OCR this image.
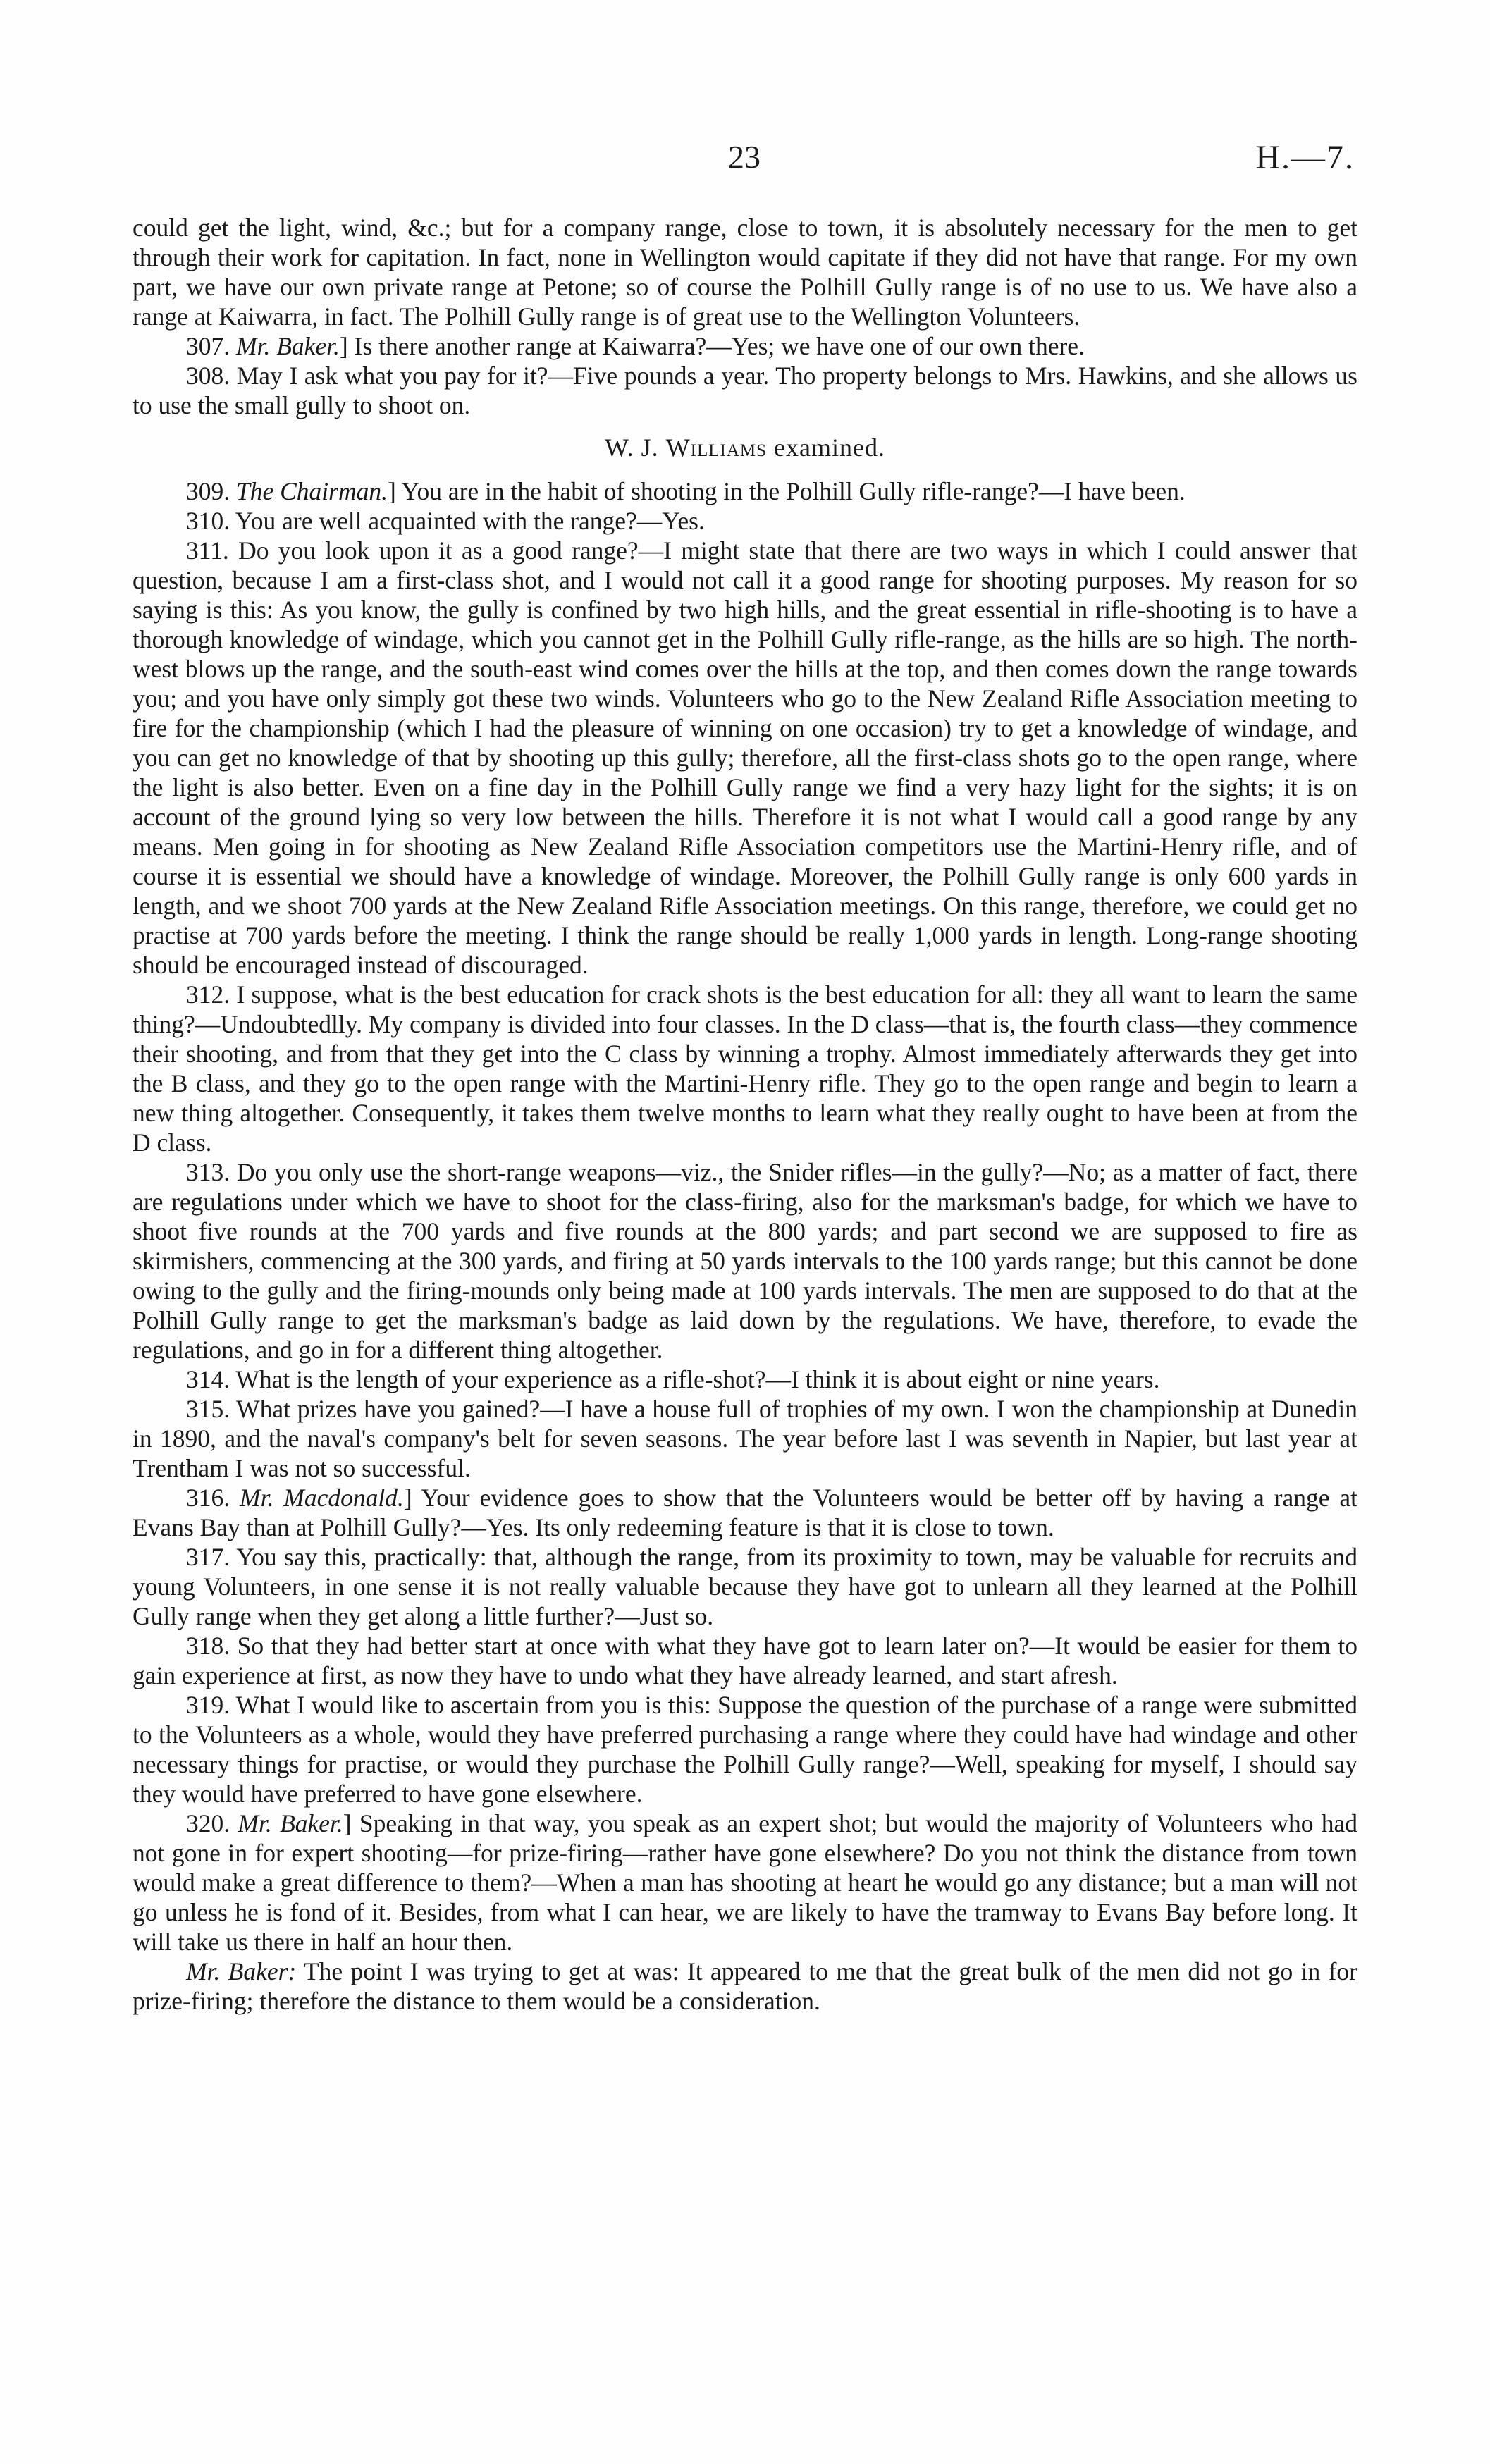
23	H.—7.

could get the light, wind, &c.; but for a company range, close to town, it is absolutely necessary for the men to get through their work for capitation. In fact, none in Wellington would capitate if they did not have that range. For my own part, we have our own private range at Petone; so of course the Polhill Gully range is of no use to us. We have also a range at Kaiwarra, in fact. The Polhill Gully range is of great use to the Wellington Volunteers.

307. Mr. Baker.] Is there another range at Kaiwarra?—Yes; we have one of our own there.

308. May I ask what you pay for it?—Five pounds a year. Tho property belongs to Mrs. Hawkins, and she allows us to use the small gully to shoot on.

W. J. Williams examined.

309. The Chairman.] You are in the habit of shooting in the Polhill Gully rifle-range?—I have been.

310. You are well acquainted with the range?—Yes.

311. Do you look upon it as a good range?—I might state that there are two ways in which I could answer that question, because I am a first-class shot, and I would not call it a good range for shooting purposes. My reason for so saying is this: As you know, the gully is confined by two high hills, and the great essential in rifle-shooting is to have a thorough knowledge of windage, which you cannot get in the Polhill Gully rifle-range, as the hills are so high. The north-west blows up the range, and the south-east wind comes over the hills at the top, and then comes down the range towards you; and you have only simply got these two winds. Volunteers who go to the New Zealand Rifle Association meeting to fire for the championship (which I had the pleasure of winning on one occasion) try to get a knowledge of windage, and you can get no knowledge of that by shooting up this gully; therefore, all the first-class shots go to the open range, where the light is also better. Even on a fine day in the Polhill Gully range we find a very hazy light for the sights; it is on account of the ground lying so very low between the hills. Therefore it is not what I would call a good range by any means. Men going in for shooting as New Zealand Rifle Association competitors use the Martini-Henry rifle, and of course it is essential we should have a knowledge of windage. Moreover, the Polhill Gully range is only 600 yards in length, and we shoot 700 yards at the New Zealand Rifle Association meetings. On this range, therefore, we could get no practise at 700 yards before the meeting. I think the range should be really 1,000 yards in length. Long-range shooting should be encouraged instead of discouraged.

312. I suppose, what is the best education for crack shots is the best education for all: they all want to learn the same thing?—Undoubtedlly. My company is divided into four classes. In the D class—that is, the fourth class—they commence their shooting, and from that they get into the C class by winning a trophy. Almost immediately afterwards they get into the B class, and they go to the open range with the Martini-Henry rifle. They go to the open range and begin to learn a new thing altogether. Consequently, it takes them twelve months to learn what they really ought to have been at from the D class.

313. Do you only use the short-range weapons—viz., the Snider rifles—in the gully?—No; as a matter of fact, there are regulations under which we have to shoot for the class-firing, also for the marksman's badge, for which we have to shoot five rounds at the 700 yards and five rounds at the 800 yards; and part second we are supposed to fire as skirmishers, commencing at the 300 yards, and firing at 50 yards intervals to the 100 yards range; but this cannot be done owing to the gully and the firing-mounds only being made at 100 yards intervals. The men are supposed to do that at the Polhill Gully range to get the marksman's badge as laid down by the regulations. We have, therefore, to evade the regulations, and go in for a different thing altogether.

314. What is the length of your experience as a rifle-shot?—I think it is about eight or nine years.

315. What prizes have you gained?—I have a house full of trophies of my own. I won the championship at Dunedin in 1890, and the naval's company's belt for seven seasons. The year before last I was seventh in Napier, but last year at Trentham I was not so successful.

316. Mr. Macdonald.] Your evidence goes to show that the Volunteers would be better off by having a range at Evans Bay than at Polhill Gully?—Yes. Its only redeeming feature is that it is close to town.

317. You say this, practically: that, although the range, from its proximity to town, may be valuable for recruits and young Volunteers, in one sense it is not really valuable because they have got to unlearn all they learned at the Polhill Gully range when they get along a little further?—Just so.

318. So that they had better start at once with what they have got to learn later on?—It would be easier for them to gain experience at first, as now they have to undo what they have already learned, and start afresh.

319. What I would like to ascertain from you is this: Suppose the question of the purchase of a range were submitted to the Volunteers as a whole, would they have preferred purchasing a range where they could have had windage and other necessary things for practise, or would they purchase the Polhill Gully range?—Well, speaking for myself, I should say they would have preferred to have gone elsewhere.

320. Mr. Baker.] Speaking in that way, you speak as an expert shot; but would the majority of Volunteers who had not gone in for expert shooting—for prize-firing—rather have gone elsewhere? Do you not think the distance from town would make a great difference to them?—When a man has shooting at heart he would go any distance; but a man will not go unless he is fond of it. Besides, from what I can hear, we are likely to have the tramway to Evans Bay before long. It will take us there in half an hour then.

Mr. Baker: The point I was trying to get at was: It appeared to me that the great bulk of the men did not go in for prize-firing; therefore the distance to them would be a consideration.
